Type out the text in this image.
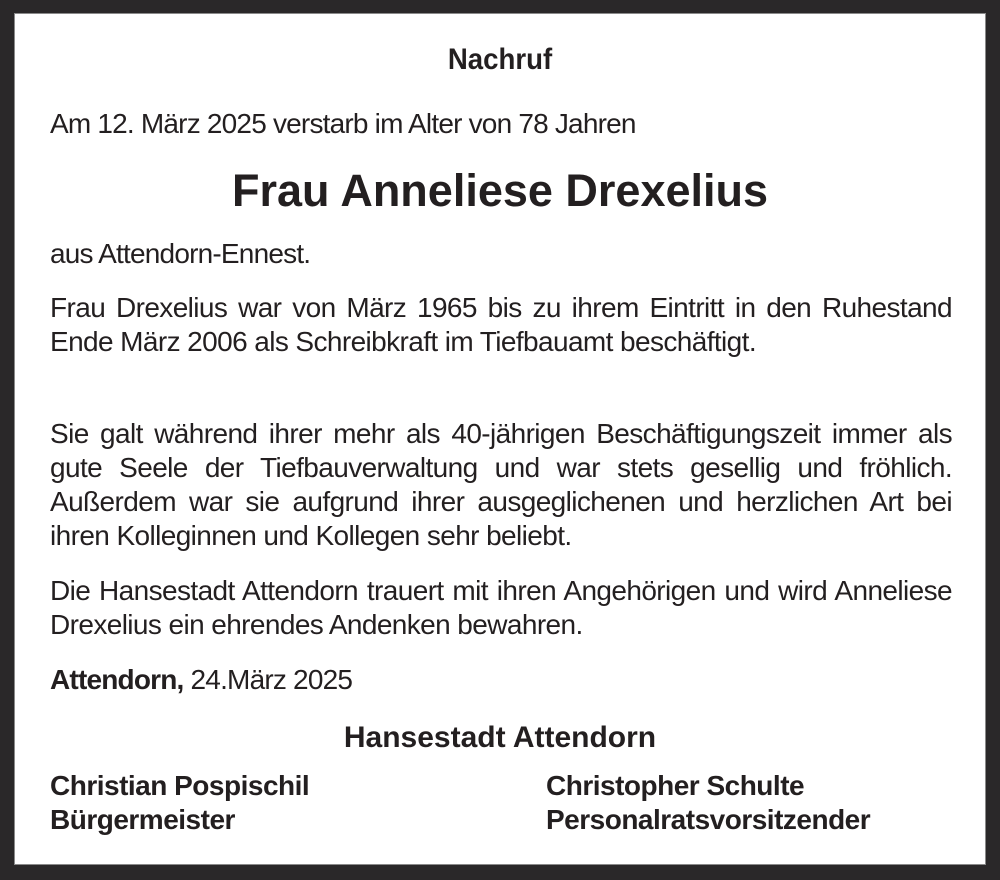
Nachruf
Am 12. März 2025 verstarb im Alter von 78 Jahren
Frau Anneliese Drexelius
aus Attendorn-Ennest.
Frau Drexelius war von März 1965 bis zu ihrem Eintritt in den Ruhestand Ende März 2006 als Schreibkraft im Tiefbauamt beschäftigt.
Sie galt während ihrer mehr als 40-jährigen Beschäftigungszeit immer als gute Seele der Tiefbauverwaltung und war stets gesellig und fröhlich. Außerdem war sie aufgrund ihrer ausgeglichenen und herzlichen Art bei ihren Kolleginnen und Kollegen sehr beliebt.
Die Hansestadt Attendorn trauert mit ihren Angehörigen und wird Anneliese Drexelius ein ehrendes Andenken bewahren.
Attendorn, 24.März 2025
Hansestadt Attendorn
Christian Pospischil
Bürgermeister
Christopher Schulte
Personalratsvorsitzender
